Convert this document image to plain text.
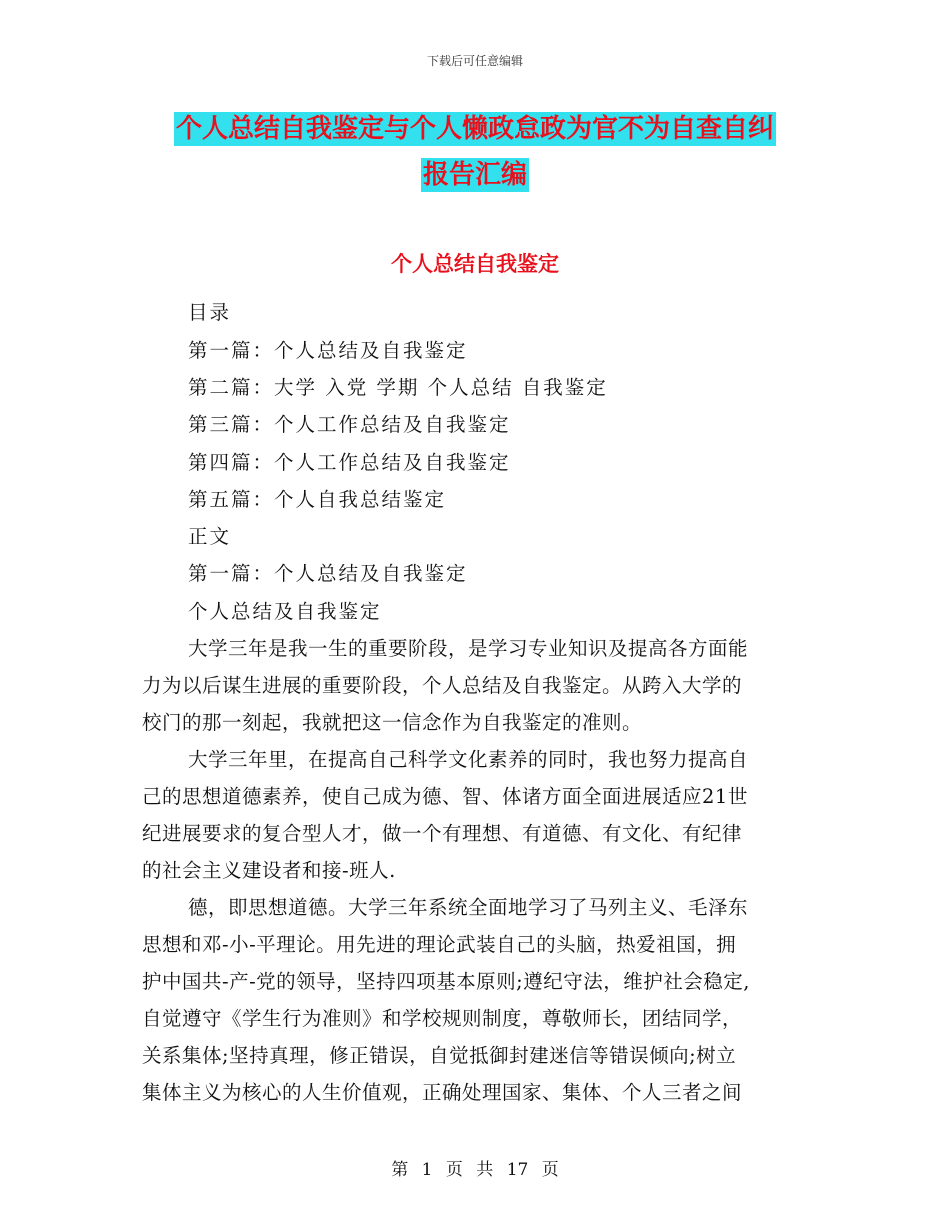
下载后可任意编辑
个人总结自我鉴定与个人懒政怠政为官不为自查自纠
报告汇编
个人总结自我鉴定
目录
第一篇：个人总结及自我鉴定
第二篇：大学 入党 学期 个人总结 自我鉴定
第三篇：个人工作总结及自我鉴定
第四篇：个人工作总结及自我鉴定
第五篇：个人自我总结鉴定
正文
第一篇：个人总结及自我鉴定
个人总结及自我鉴定
大学三年是我一生的重要阶段，是学习专业知识及提高各方面能
力为以后谋生进展的重要阶段，个人总结及自我鉴定。从跨入大学的
校门的那一刻起，我就把这一信念作为自我鉴定的准则。
大学三年里，在提高自己科学文化素养的同时，我也努力提高自
己的思想道德素养，使自己成为德、智、体诸方面全面进展适应21世
纪进展要求的复合型人才，做一个有理想、有道德、有文化、有纪律
的社会主义建设者和接-班人.
德，即思想道德。大学三年系统全面地学习了马列主义、毛泽东
思想和邓-小-平理论。用先进的理论武装自己的头脑，热爱祖国，拥
护中国共-产-党的领导，坚持四项基本原则;遵纪守法，维护社会稳定,
自觉遵守《学生行为准则》和学校规则制度，尊敬师长，团结同学，
关系集体;坚持真理，修正错误，自觉抵御封建迷信等错误倾向;树立
集体主义为核心的人生价值观，正确处理国家、集体、个人三者之间
第 1 页 共 17 页
